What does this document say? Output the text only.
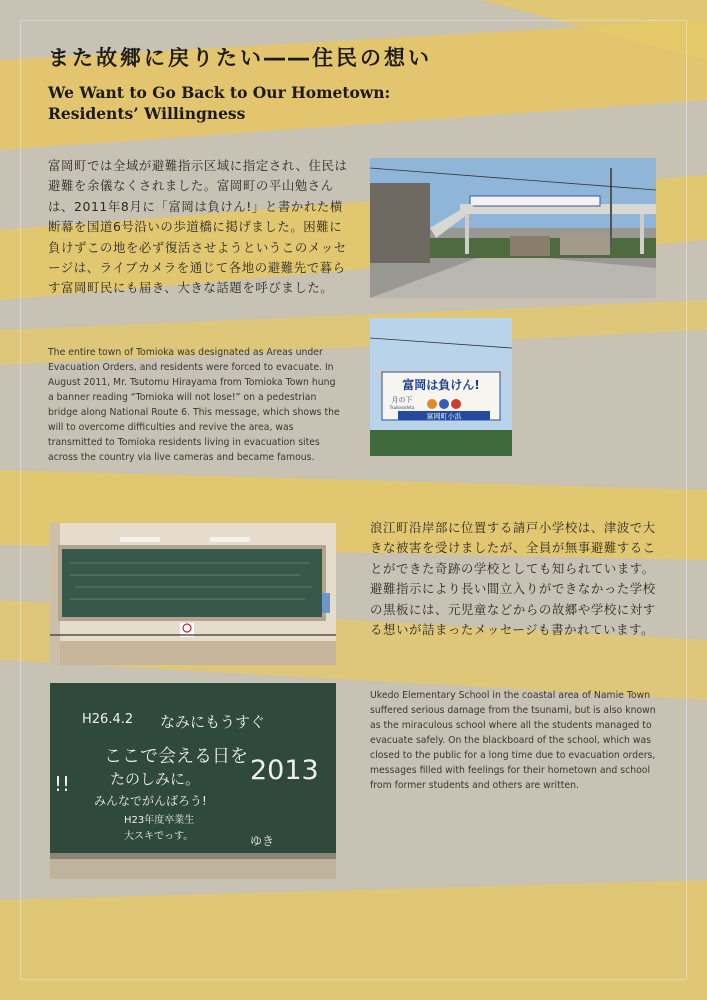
また故郷に戻りたい――住民の想い
We Want to Go Back to Our Hometown:
Residents’ Willingness

富岡町では全域が避難指示区域に指定され、住民は避難を余儀なくされました。富岡町の平山勉さんは、2011年8月に「富岡は負けん!」と書かれた横断幕を国道6号沿いの歩道橋に掲げました。困難に負けずこの地を必ず復活させようというこのメッセージは、ライブカメラを通じて各地の避難先で暮らす富岡町民にも届き、大きな話題を呼びました。

The entire town of Tomioka was designated as Areas under Evacuation Orders, and residents were forced to evacuate. In August 2011, Mr. Tsutomu Hirayama from Tomioka Town hung a banner reading “Tomioka will not lose!” on a pedestrian bridge along National Route 6. This message, which shows the will to overcome difficulties and revive the area, was transmitted to Tomioka residents living in evacuation sites across the country via live cameras and became famous.

富岡は負けん!
月の下
Tsukinoshita
富岡町小浜

浪江町沿岸部に位置する請戸小学校は、津波で大きな被害を受けましたが、全員が無事避難することができた奇跡の学校としても知られています。避難指示により長い間立入りができなかった学校の黒板には、元児童などからの故郷や学校に対する想いが詰まったメッセージも書かれています。

Ukedo Elementary School in the coastal area of Namie Town suffered serious damage from the tsunami, but is also known as the miraculous school where all the students managed to evacuate safely. On the blackboard of the school, which was closed to the public for a long time due to evacuation orders, messages filled with feelings for their hometown and school from former students and others are written.

なみにもうすぐ
H26.4.2
ここで会える日を 2013
たのしみに。
!!
みんなでがんばろう!
H23年度卒業生
大スキでっす。	ゆき
